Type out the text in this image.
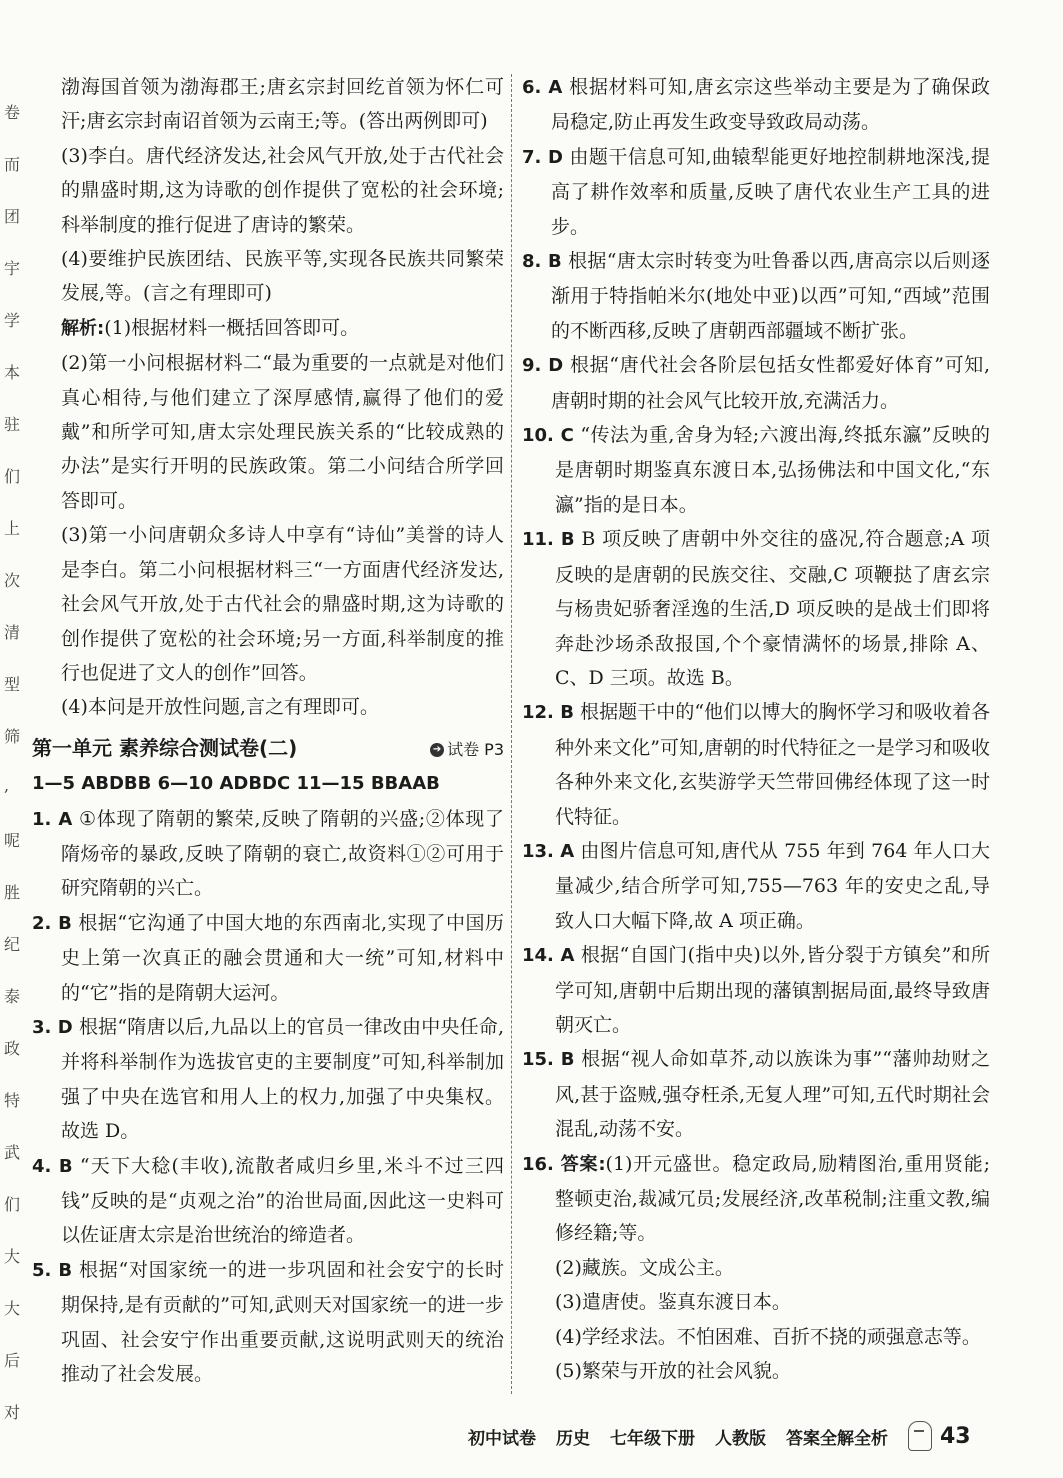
卷
而
团
宇
学
本
驻
们
上
次
清
型
筛
,
呢
胜
纪
泰
政
特
武
们
大
大
后
对

渤海国首领为渤海郡王;唐玄宗封回纥首领为怀仁可汗;唐玄宗封南诏首领为云南王;等。(答出两例即可)

(3)李白。唐代经济发达,社会风气开放,处于古代社会的鼎盛时期,这为诗歌的创作提供了宽松的社会环境;科举制度的推行促进了唐诗的繁荣。

(4)要维护民族团结、民族平等,实现各民族共同繁荣发展,等。(言之有理即可)

解析:(1)根据材料一概括回答即可。

(2)第一小问根据材料二“最为重要的一点就是对他们真心相待,与他们建立了深厚感情,赢得了他们的爱戴”和所学可知,唐太宗处理民族关系的“比较成熟的办法”是实行开明的民族政策。第二小问结合所学回答即可。

(3)第一小问唐朝众多诗人中享有“诗仙”美誉的诗人是李白。第二小问根据材料三“一方面唐代经济发达,社会风气开放,处于古代社会的鼎盛时期,这为诗歌的创作提供了宽松的社会环境;另一方面,科举制度的推行也促进了文人的创作”回答。

(4)本问是开放性问题,言之有理即可。

第一单元 素养综合测试卷(二)	➔ 试卷 P3
1—5 ABDBB 6—10 ADBDC 11—15 BBAAB

1. A ①体现了隋朝的繁荣,反映了隋朝的兴盛;②体现了隋炀帝的暴政,反映了隋朝的衰亡,故资料①②可用于研究隋朝的兴亡。

2. B 根据“它沟通了中国大地的东西南北,实现了中国历史上第一次真正的融会贯通和大一统”可知,材料中的“它”指的是隋朝大运河。

3. D 根据“隋唐以后,九品以上的官员一律改由中央任命,并将科举制作为选拔官吏的主要制度”可知,科举制加强了中央在选官和用人上的权力,加强了中央集权。故选 D。

4. B “天下大稔(丰收),流散者咸归乡里,米斗不过三四钱”反映的是“贞观之治”的治世局面,因此这一史料可以佐证唐太宗是治世统治的缔造者。

5. B 根据“对国家统一的进一步巩固和社会安宁的长时期保持,是有贡献的”可知,武则天对国家统一的进一步巩固、社会安宁作出重要贡献,这说明武则天的统治推动了社会发展。

6. A 根据材料可知,唐玄宗这些举动主要是为了确保政局稳定,防止再发生政变导致政局动荡。

7. D 由题干信息可知,曲辕犁能更好地控制耕地深浅,提高了耕作效率和质量,反映了唐代农业生产工具的进步。

8. B 根据“唐太宗时转变为吐鲁番以西,唐高宗以后则逐渐用于特指帕米尔(地处中亚)以西”可知,“西域”范围的不断西移,反映了唐朝西部疆域不断扩张。

9. D 根据“唐代社会各阶层包括女性都爱好体育”可知,唐朝时期的社会风气比较开放,充满活力。

10. C “传法为重,舍身为轻;六渡出海,终抵东瀛”反映的是唐朝时期鉴真东渡日本,弘扬佛法和中国文化,“东瀛”指的是日本。

11. B B 项反映了唐朝中外交往的盛况,符合题意;A 项反映的是唐朝的民族交往、交融,C 项鞭挞了唐玄宗与杨贵妃骄奢淫逸的生活,D 项反映的是战士们即将奔赴沙场杀敌报国,个个豪情满怀的场景,排除 A、C、D 三项。故选 B。

12. B 根据题干中的“他们以博大的胸怀学习和吸收着各种外来文化”可知,唐朝的时代特征之一是学习和吸收各种外来文化,玄奘游学天竺带回佛经体现了这一时代特征。

13. A 由图片信息可知,唐代从 755 年到 764 年人口大量减少,结合所学可知,755—763 年的安史之乱,导致人口大幅下降,故 A 项正确。

14. A 根据“自国门(指中央)以外,皆分裂于方镇矣”和所学可知,唐朝中后期出现的藩镇割据局面,最终导致唐朝灭亡。

15. B 根据“视人命如草芥,动以族诛为事”“藩帅劫财之风,甚于盗贼,强夺枉杀,无复人理”可知,五代时期社会混乱,动荡不安。

16. 答案:(1)开元盛世。稳定政局,励精图治,重用贤能;整顿吏治,裁减冗员;发展经济,改革税制;注重文教,编修经籍;等。

(2)藏族。文成公主。

(3)遣唐使。鉴真东渡日本。

(4)学经求法。不怕困难、百折不挠的顽强意志等。

(5)繁荣与开放的社会风貌。

初中试卷 历史 七年级下册 人教版 答案全解全析 43
